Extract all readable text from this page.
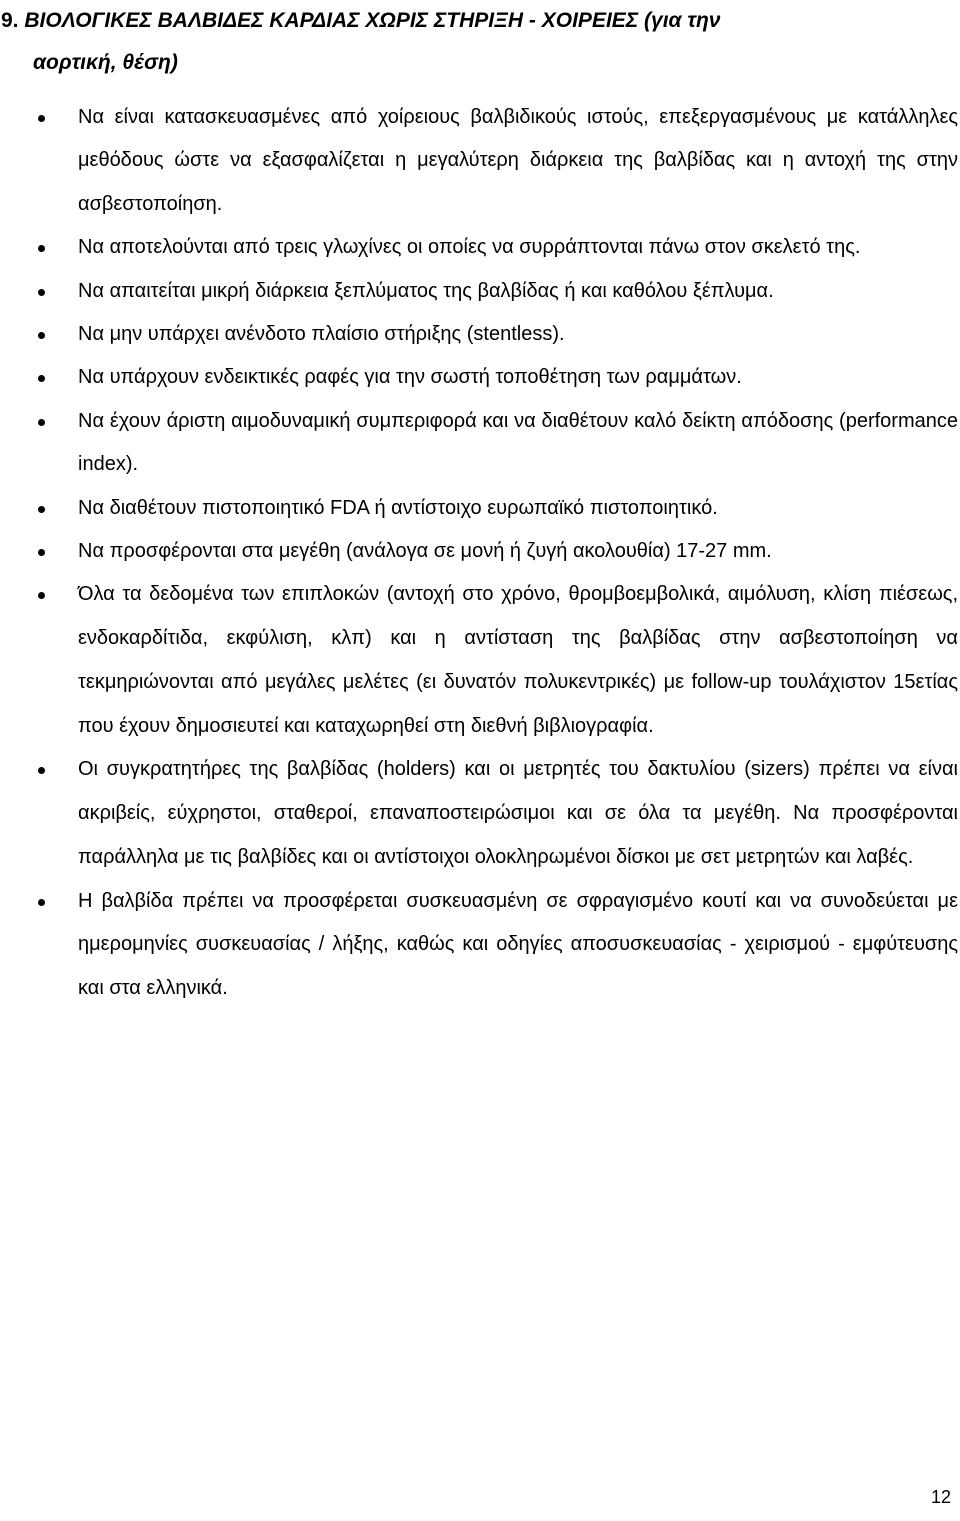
9. ΒΙΟΛΟΓΙΚΕΣ ΒΑΛΒΙΔΕΣ ΚΑΡΔΙΑΣ ΧΩΡΙΣ ΣΤΗΡΙΞΗ - ΧΟΙΡΕΙΕΣ (για την
αορτική, θέση)
Να είναι κατασκευασμένες από χοίρειους βαλβιδικούς ιστούς, επεξεργασμένους με κατάλληλες μεθόδους ώστε να εξασφαλίζεται η μεγαλύτερη διάρκεια της βαλβίδας και η αντοχή της στην ασβεστοποίηση.
Να αποτελούνται από τρεις γλωχίνες οι οποίες να συρράπτονται πάνω στον σκελετό της.
Να απαιτείται μικρή διάρκεια ξεπλύματος της βαλβίδας ή και καθόλου ξέπλυμα.
Να μην υπάρχει ανένδοτο πλαίσιο στήριξης (stentless).
Να υπάρχουν ενδεικτικές ραφές για την σωστή τοποθέτηση των ραμμάτων.
Να έχουν άριστη αιμοδυναμική συμπεριφορά και να διαθέτουν καλό δείκτη απόδοσης (performance index).
Να διαθέτουν πιστοποιητικό FDA ή αντίστοιχο ευρωπαϊκό πιστοποιητικό.
Να προσφέρονται στα μεγέθη (ανάλογα σε μονή ή ζυγή ακολουθία) 17-27 mm.
Όλα τα δεδομένα των επιπλοκών (αντοχή στο χρόνο, θρομβοεμβολικά, αιμόλυση, κλίση πιέσεως, ενδοκαρδίτιδα, εκφύλιση, κλπ) και η αντίσταση της βαλβίδας στην ασβεστοποίηση να τεκμηριώνονται από μεγάλες μελέτες (ει δυνατόν πολυκεντρικές) με follow-up τουλάχιστον 15ετίας που έχουν δημοσιευτεί και καταχωρηθεί στη διεθνή βιβλιογραφία.
Οι συγκρατητήρες της βαλβίδας (holders) και οι μετρητές του δακτυλίου (sizers) πρέπει να είναι ακριβείς, εύχρηστοι, σταθεροί, επαναποστειρώσιμοι και σε όλα τα μεγέθη. Να προσφέρονται παράλληλα με τις βαλβίδες και οι αντίστοιχοι ολοκληρωμένοι δίσκοι με σετ μετρητών και λαβές.
Η βαλβίδα πρέπει να προσφέρεται συσκευασμένη σε σφραγισμένο κουτί και να συνοδεύεται με ημερομηνίες συσκευασίας / λήξης, καθώς και οδηγίες αποσυσκευασίας - χειρισμού - εμφύτευσης και στα ελληνικά.
12
